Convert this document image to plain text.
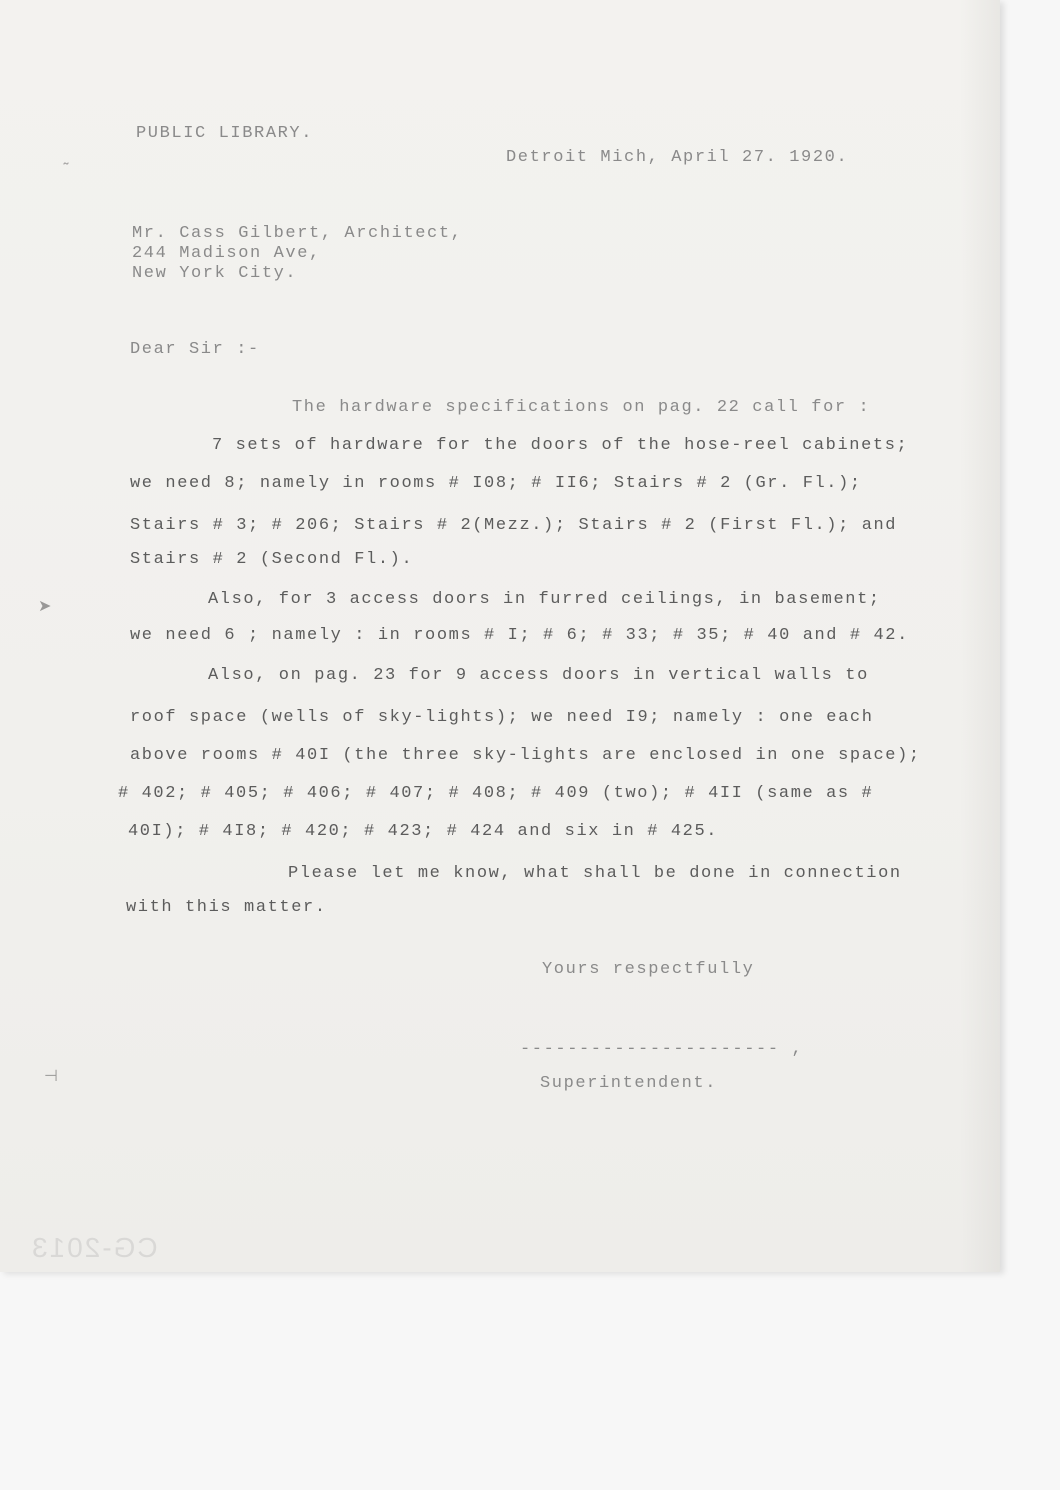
PUBLIC LIBRARY.
Detroit Mich, April 27. 1920.
Mr. Cass Gilbert, Architect,
244 Madison Ave,
New York City.
Dear Sir :-
The hardware specifications on pag. 22 call for :
7 sets of hardware for the doors of the hose-reel cabinets;
we need 8; namely in rooms # I08; # II6; Stairs # 2 (Gr. Fl.);
Stairs # 3; # 206; Stairs # 2(Mezz.); Stairs # 2 (First Fl.); and
Stairs # 2 (Second Fl.).
Also, for 3 access doors in furred ceilings, in basement;
we need 6 ; namely : in rooms # I; # 6; # 33; # 35; # 40 and # 42.
Also, on pag. 23 for 9 access doors in vertical walls to
roof space (wells of sky-lights); we need I9; namely : one each
above rooms # 40I (the three sky-lights are enclosed in one space);
# 402; # 405; # 406; # 407; # 408; # 409 (two); # 4II (same as #
40I); # 4I8; # 420; # 423; # 424 and six in # 425.
Please let me know, what shall be done in connection
with this matter.
Yours respectfully
---------------------- ,
Superintendent.
˜
➤
⊣
CG-2013
